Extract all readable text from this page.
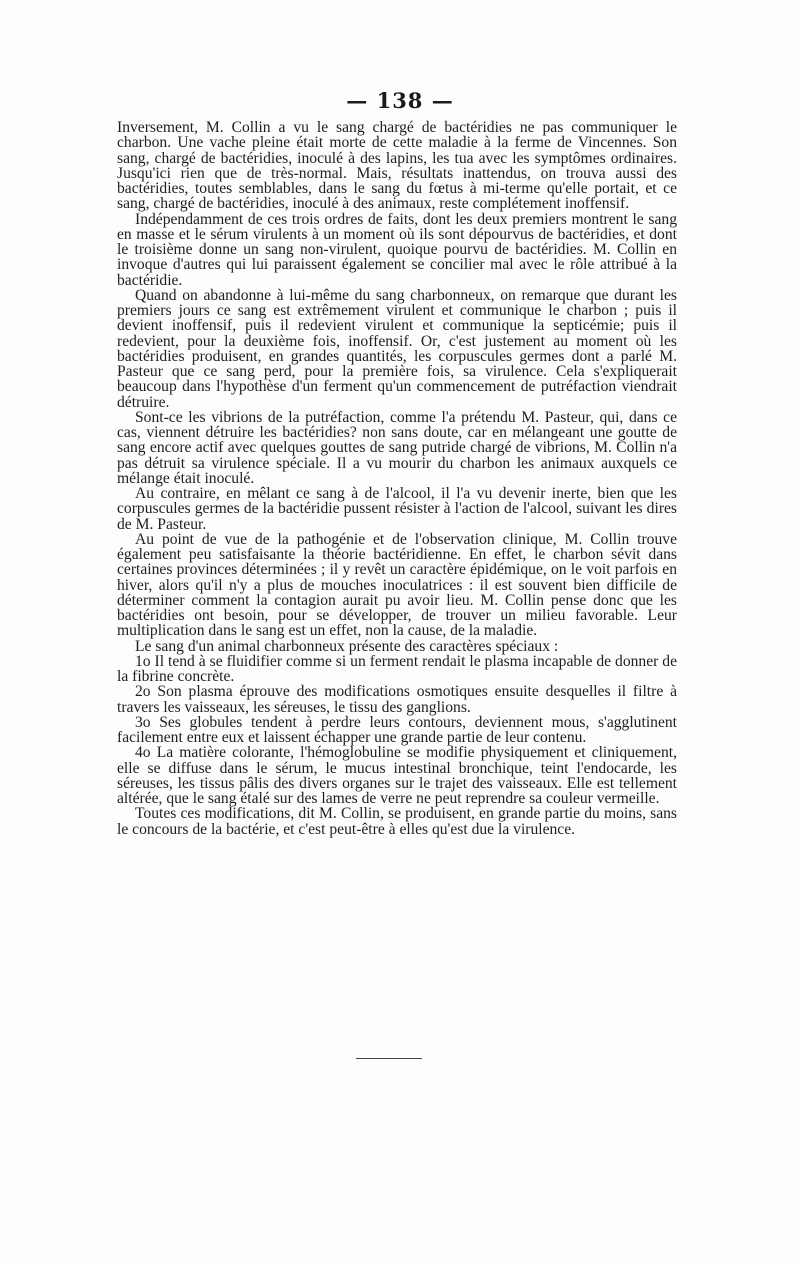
— 138 —

Inversement, M. Collin a vu le sang chargé de bactéridies ne pas communiquer le charbon. Une vache pleine était morte de cette maladie à la ferme de Vincennes. Son sang, chargé de bactéridies, inoculé à des lapins, les tua avec les symptômes ordinaires. Jusqu'ici rien que de très-normal. Mais, résultats inattendus, on trouva aussi des bactéridies, toutes semblables, dans le sang du fœtus à mi-terme qu'elle portait, et ce sang, chargé de bactéridies, inoculé à des animaux, reste complétement inoffensif.

Indépendamment de ces trois ordres de faits, dont les deux premiers montrent le sang en masse et le sérum virulents à un moment où ils sont dépourvus de bactéridies, et dont le troisième donne un sang non-virulent, quoique pourvu de bactéridies. M. Collin en invoque d'autres qui lui paraissent également se concilier mal avec le rôle attribué à la bactéridie.

Quand on abandonne à lui-même du sang charbonneux, on remarque que durant les premiers jours ce sang est extrêmement virulent et communique le charbon ; puis il devient inoffensif, puis il redevient virulent et communique la septicémie; puis il redevient, pour la deuxième fois, inoffensif. Or, c'est justement au moment où les bactéridies produisent, en grandes quantités, les corpuscules germes dont a parlé M. Pasteur que ce sang perd, pour la première fois, sa virulence. Cela s'expliquerait beaucoup dans l'hypothèse d'un ferment qu'un commencement de putréfaction viendrait détruire.

Sont-ce les vibrions de la putréfaction, comme l'a prétendu M. Pasteur, qui, dans ce cas, viennent détruire les bactéridies? non sans doute, car en mélangeant une goutte de sang encore actif avec quelques gouttes de sang putride chargé de vibrions, M. Collin n'a pas détruit sa virulence spéciale. Il a vu mourir du charbon les animaux auxquels ce mélange était inoculé.

Au contraire, en mêlant ce sang à de l'alcool, il l'a vu devenir inerte, bien que les corpuscules germes de la bactéridie pussent résister à l'action de l'alcool, suivant les dires de M. Pasteur.

Au point de vue de la pathogénie et de l'observation clinique, M. Collin trouve également peu satisfaisante la théorie bactéridienne. En effet, le charbon sévit dans certaines provinces déterminées ; il y revêt un caractère épidémique, on le voit parfois en hiver, alors qu'il n'y a plus de mouches inoculatrices : il est souvent bien difficile de déterminer comment la contagion aurait pu avoir lieu. M. Collin pense donc que les bactéridies ont besoin, pour se développer, de trouver un milieu favorable. Leur multiplication dans le sang est un effet, non la cause, de la maladie.

Le sang d'un animal charbonneux présente des caractères spéciaux :

1o Il tend à se fluidifier comme si un ferment rendait le plasma incapable de donner de la fibrine concrète.

2o Son plasma éprouve des modifications osmotiques ensuite desquelles il filtre à travers les vaisseaux, les séreuses, le tissu des ganglions.

3o Ses globules tendent à perdre leurs contours, deviennent mous, s'agglutinent facilement entre eux et laissent échapper une grande partie de leur contenu.

4o La matière colorante, l'hémoglobuline se modifie physiquement et cliniquement, elle se diffuse dans le sérum, le mucus intestinal bronchique, teint l'endocarde, les séreuses, les tissus pâlis des divers organes sur le trajet des vaisseaux. Elle est tellement altérée, que le sang étalé sur des lames de verre ne peut reprendre sa couleur vermeille.

Toutes ces modifications, dit M. Collin, se produisent, en grande partie du moins, sans le concours de la bactérie, et c'est peut-être à elles qu'est due la virulence.
